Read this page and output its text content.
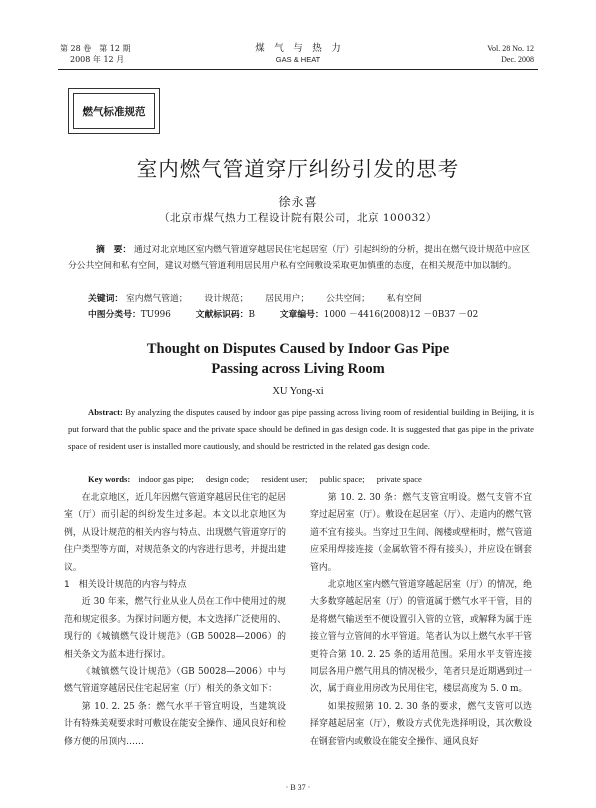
第 28 卷　第 12 期
2008 年 12 月
煤　气　与　热　力
GAS & HEAT
Vol. 28 No. 12
Dec. 2008
燃气标准规范
室内燃气管道穿厅纠纷引发的思考
徐永喜
（北京市煤气热力工程设计院有限公司，北京 100032）
摘　要： 通过对北京地区室内燃气管道穿越居民住宅起居室（厅）引起纠纷的分析，提出在燃气设计规范中应区分公共空间和私有空间，建议对燃气管道利用居民用户私有空间敷设采取更加慎重的态度，在相关规范中加以制约。
关键词： 室内燃气管道； 设计规范； 居民用户； 公共空间； 私有空间
中图分类号：TU996	文献标识码：B	文章编号：1000 －4416(2008)12 －0B37 －02
Thought on Disputes Caused by Indoor Gas Pipe
Passing across Living Room
XU Yong-xi
Abstract: By analyzing the disputes caused by indoor gas pipe passing across living room of residential building in Beijing, it is put forward that the public space and the private space should be defined in gas design code. It is suggested that gas pipe in the private space of resident user is installed more cautiously, and should be restricted in the related gas design code.
Key words: indoor gas pipe; design code; resident user; public space; private space

在北京地区，近几年因燃气管道穿越居民住宅的起居室（厅）而引起的纠纷发生过多起。本文以北京地区为例，从设计规范的相关内容与特点、出现燃气管道穿厅的住户类型等方面，对规范条文的内容进行思考，并提出建议。

1　相关设计规范的内容与特点

近 30 年来，燃气行业从业人员在工作中使用过的规范和规定很多。为探讨问题方便，本文选择广泛使用的、现行的《城镇燃气设计规范》（GB 50028—2006）的相关条文为蓝本进行探讨。

《城镇燃气设计规范》（GB 50028—2006）中与燃气管道穿越居民住宅起居室（厅）相关的条文如下：

第 10. 2. 25 条：燃气水平干管宜明设，当建筑设计有特殊美观要求时可敷设在能安全操作、通风良好和检修方便的吊顶内……

第 10. 2. 30 条：燃气支管宜明设。燃气支管不宜穿过起居室（厅）。敷设在起居室（厅）、走道内的燃气管道不宜有接头。当穿过卫生间、阁楼或壁柜时，燃气管道应采用焊接连接（金属软管不得有接头），并应设在钢套管内。

北京地区室内燃气管道穿越起居室（厅）的情况，绝大多数穿越起居室（厅）的管道属于燃气水平干管，目的是将燃气输送至不便设置引入管的立管，或解释为属于连接立管与立管间的水平管道。笔者认为以上燃气水平干管更符合第 10. 2. 25 条的适用范围。采用水平支管连接同层各用户燃气用具的情况极少，笔者只是近期遇到过一次，属于商业用房改为民用住宅，楼层高度为 5. 0 m。

如果按照第 10. 2. 30 条的要求，燃气支管可以选择穿越起居室（厅），敷设方式优先选择明设，其次敷设在钢套管内或敷设在能安全操作、通风良好

· B 37 ·
